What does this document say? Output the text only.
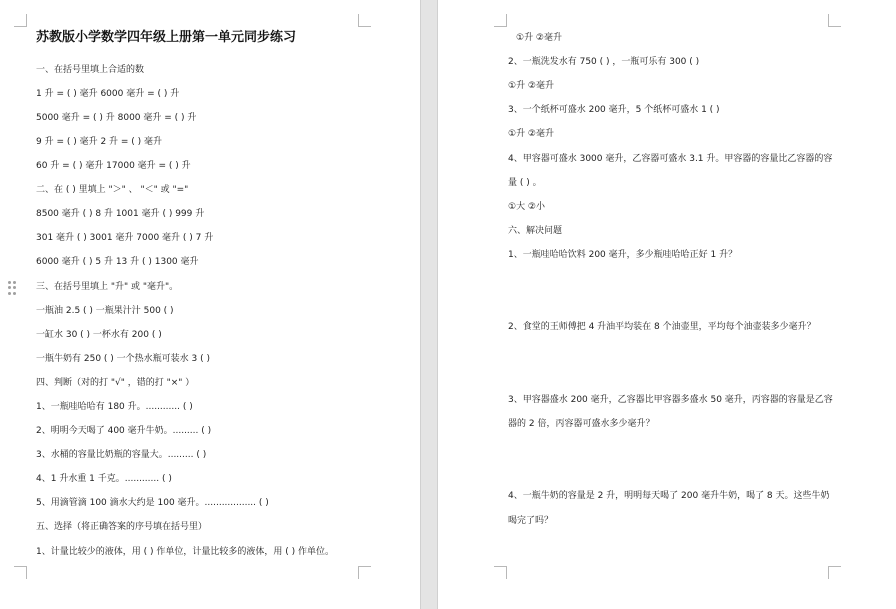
苏教版小学数学四年级上册第一单元同步练习
一、在括号里填上合适的数
1 升 = ( ) 毫升 6000 毫升 = ( ) 升
5000 毫升 = ( ) 升 8000 毫升 = ( ) 升
9 升 = ( ) 毫升 2 升 = ( ) 毫升
60 升 = ( ) 毫升 17000 毫升 = ( ) 升
二、在 ( ) 里填上 "＞" 、 "＜" 或 "="
8500 毫升 ( ) 8 升 1001 毫升 ( ) 999 升
301 毫升 ( ) 3001 毫升 7000 毫升 ( ) 7 升
6000 毫升 ( ) 5 升 13 升 ( ) 1300 毫升
三、在括号里填上 "升" 或 "毫升"。
一瓶油 2.5 ( ) 一瓶果汁汁 500 ( )
一缸水 30 ( ) 一杯水有 200 ( )
一瓶牛奶有 250 ( ) 一个热水瓶可装水 3 ( )
四、判断（对的打 "√" ，错的打 "×" ）
1、一瓶哇哈哈有 180 升。............ ( )
2、明明今天喝了 400 毫升牛奶。......... ( )
3、水桶的容量比奶瓶的容量大。......... ( )
4、1 升水重 1 千克。............ ( )
5、用滴管滴 100 滴水大约是 100 毫升。.................. ( )
五、选择（将正确答案的序号填在括号里）
1、计量比较少的液体，用 ( ) 作单位，计量比较多的液体，用 ( ) 作单位。
①升 ②毫升
2、一瓶洗发水有 750 ( ) ，一瓶可乐有 300 ( )
①升 ②毫升
3、一个纸杯可盛水 200 毫升，5 个纸杯可盛水 1 ( )
①升 ②毫升
4、甲容器可盛水 3000 毫升，乙容器可盛水 3.1 升。甲容器的容量比乙容器的容
量 ( ) 。
①大 ②小
六、解决问题
1、一瓶哇哈哈饮料 200 毫升，多少瓶哇哈哈正好 1 升？
2、食堂的王师傅把 4 升油平均装在 8 个油壶里，平均每个油壶装多少毫升？
3、甲容器盛水 200 毫升，乙容器比甲容器多盛水 50 毫升，丙容器的容量是乙容
器的 2 倍，丙容器可盛水多少毫升？
4、一瓶牛奶的容量是 2 升，明明每天喝了 200 毫升牛奶，喝了 8 天。这些牛奶
喝完了吗？
